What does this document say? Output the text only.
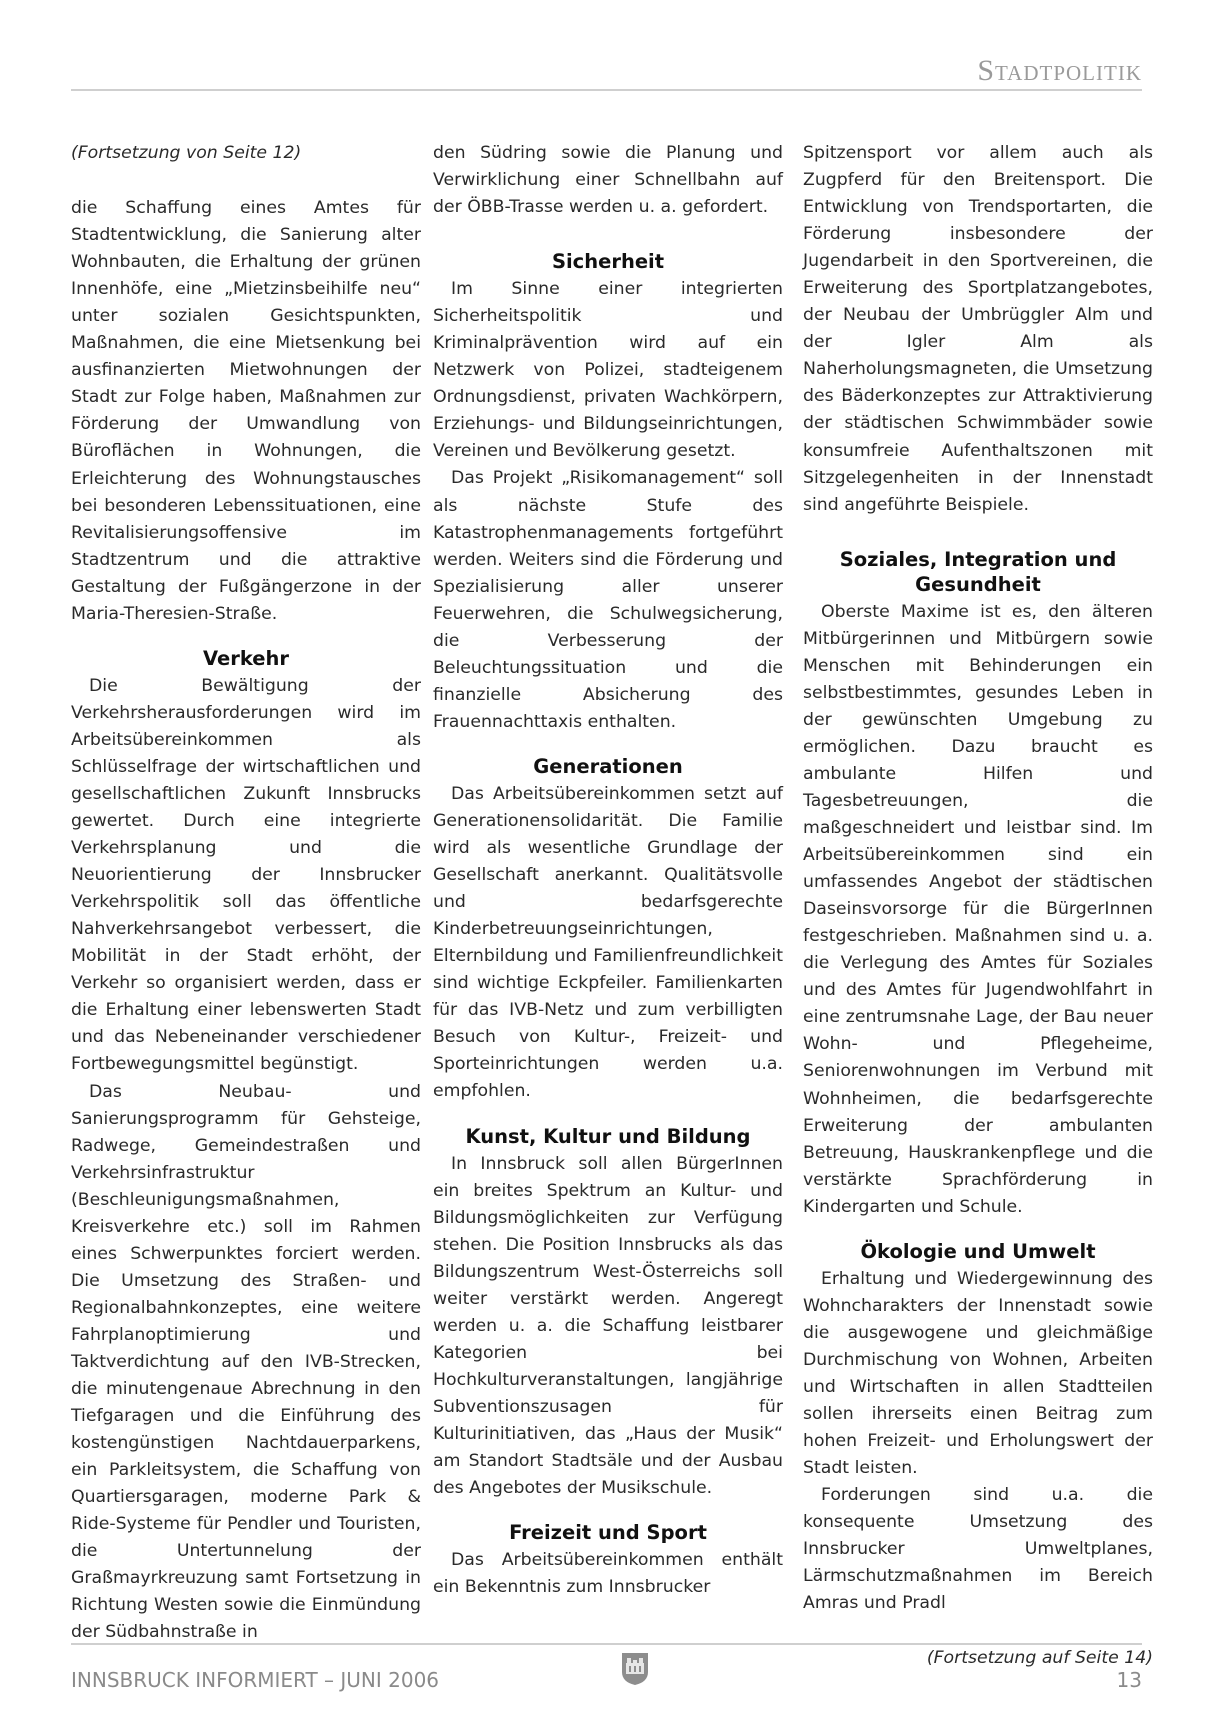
Stadtpolitik

(Fortsetzung von Seite 12)

die Schaffung eines Amtes für Stadtentwicklung, die Sanierung alter Wohnbauten, die Erhaltung der grünen Innenhöfe, eine „Mietzinsbeihilfe neu“ unter sozialen Gesichtspunkten, Maßnahmen, die eine Mietsenkung bei ausfinanzierten Mietwohnungen der Stadt zur Folge haben, Maßnahmen zur Förderung der Umwandlung von Büroflächen in Wohnungen, die Erleichterung des Wohnungstausches bei besonderen Lebenssituationen, eine Revitalisierungsoffensive im Stadtzentrum und die attraktive Gestaltung der Fußgängerzone in der Maria-Theresien-Straße.

Verkehr

Die Bewältigung der Verkehrsherausforderungen wird im Arbeitsübereinkommen als Schlüsselfrage der wirtschaftlichen und gesellschaftlichen Zukunft Innsbrucks gewertet. Durch eine integrierte Verkehrsplanung und die Neuorientierung der Innsbrucker Verkehrspolitik soll das öffentliche Nahverkehrsangebot verbessert, die Mobilität in der Stadt erhöht, der Verkehr so organisiert werden, dass er die Erhaltung einer lebenswerten Stadt und das Nebeneinander verschiedener Fortbewegungsmittel begünstigt.

Das Neubau- und Sanierungsprogramm für Gehsteige, Radwege, Gemeindestraßen und Verkehrsinfrastruktur (Beschleunigungsmaßnahmen, Kreisverkehre etc.) soll im Rahmen eines Schwerpunktes forciert werden. Die Umsetzung des Straßen- und Regionalbahnkonzeptes, eine weitere Fahrplanoptimierung und Taktverdichtung auf den IVB-Strecken, die minutengenaue Abrechnung in den Tiefgaragen und die Einführung des kostengünstigen Nachtdauerparkens, ein Parkleitsystem, die Schaffung von Quartiersgaragen, moderne Park & Ride-Systeme für Pendler und Touristen, die Untertunnelung der Graßmayrkreuzung samt Fortsetzung in Richtung Westen sowie die Einmündung der Südbahnstraße in

den Südring sowie die Planung und Verwirklichung einer Schnellbahn auf der ÖBB-Trasse werden u. a. gefordert.

Sicherheit

Im Sinne einer integrierten Sicherheitspolitik und Kriminalprävention wird auf ein Netzwerk von Polizei, stadteigenem Ordnungsdienst, privaten Wachkörpern, Erziehungs- und Bildungseinrichtungen, Vereinen und Bevölkerung gesetzt.

Das Projekt „Risikomanagement“ soll als nächste Stufe des Katastrophenmanagements fortgeführt werden. Weiters sind die Förderung und Spezialisierung aller unserer Feuerwehren, die Schulwegsicherung, die Verbesserung der Beleuchtungssituation und die finanzielle Absicherung des Frauennachttaxis enthalten.

Generationen

Das Arbeitsübereinkommen setzt auf Generationensolidarität. Die Familie wird als wesentliche Grundlage der Gesellschaft anerkannt. Qualitätsvolle und bedarfsgerechte Kinderbetreuungseinrichtungen, Elternbildung und Familienfreundlichkeit sind wichtige Eckpfeiler. Familienkarten für das IVB-Netz und zum verbilligten Besuch von Kultur-, Freizeit- und Sporteinrichtungen werden u.a. empfohlen.

Kunst, Kultur und Bildung

In Innsbruck soll allen BürgerInnen ein breites Spektrum an Kultur- und Bildungsmöglichkeiten zur Verfügung stehen. Die Position Innsbrucks als das Bildungszentrum West-Österreichs soll weiter verstärkt werden. Angeregt werden u. a. die Schaffung leistbarer Kategorien bei Hochkulturveranstaltungen, langjährige Subventionszusagen für Kulturinitiativen, das „Haus der Musik“ am Standort Stadtsäle und der Ausbau des Angebotes der Musikschule.

Freizeit und Sport

Das Arbeitsübereinkommen enthält ein Bekenntnis zum Innsbrucker

Spitzensport vor allem auch als Zugpferd für den Breitensport. Die Entwicklung von Trendsportarten, die Förderung insbesondere der Jugendarbeit in den Sportvereinen, die Erweiterung des Sportplatzangebotes, der Neubau der Umbrüggler Alm und der Igler Alm als Naherholungsmagneten, die Umsetzung des Bäderkonzeptes zur Attraktivierung der städtischen Schwimmbäder sowie konsumfreie Aufenthaltszonen mit Sitzgelegenheiten in der Innenstadt sind angeführte Beispiele.

Soziales, Integration und Gesundheit

Oberste Maxime ist es, den älteren Mitbürgerinnen und Mitbürgern sowie Menschen mit Behinderungen ein selbstbestimmtes, gesundes Leben in der gewünschten Umgebung zu ermöglichen. Dazu braucht es ambulante Hilfen und Tagesbetreuungen, die maßgeschneidert und leistbar sind. Im Arbeitsübereinkommen sind ein umfassendes Angebot der städtischen Daseinsvorsorge für die BürgerInnen festgeschrieben. Maßnahmen sind u. a. die Verlegung des Amtes für Soziales und des Amtes für Jugendwohlfahrt in eine zentrumsnahe Lage, der Bau neuer Wohn- und Pflegeheime, Seniorenwohnungen im Verbund mit Wohnheimen, die bedarfsgerechte Erweiterung der ambulanten Betreuung, Hauskrankenpflege und die verstärkte Sprachförderung in Kindergarten und Schule.

Ökologie und Umwelt

Erhaltung und Wiedergewinnung des Wohncharakters der Innenstadt sowie die ausgewogene und gleichmäßige Durchmischung von Wohnen, Arbeiten und Wirtschaften in allen Stadtteilen sollen ihrerseits einen Beitrag zum hohen Freizeit- und Erholungswert der Stadt leisten.

Forderungen sind u.a. die konsequente Umsetzung des Innsbrucker Umweltplanes, Lärmschutzmaßnahmen im Bereich Amras und Pradl

(Fortsetzung auf Seite 14)

INNSBRUCK INFORMIERT – JUNI 2006	13
